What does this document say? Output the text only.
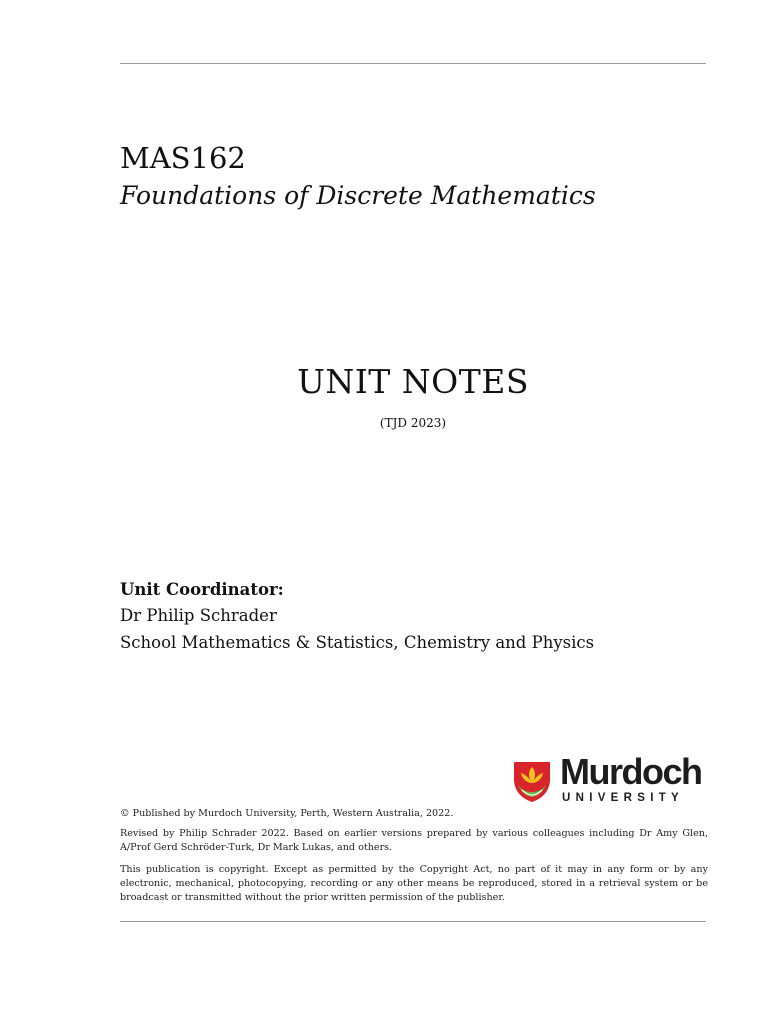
MAS162
Foundations of Discrete Mathematics
UNIT NOTES
(TJD 2023)
Unit Coordinator:
Dr Philip Schrader
School Mathematics & Statistics, Chemistry and Physics
Murdoch
UNIVERSITY
© Published by Murdoch University, Perth, Western Australia, 2022.
Revised by Philip Schrader 2022. Based on earlier versions prepared by various colleagues including Dr Amy Glen, A/Prof Gerd Schröder-Turk, Dr Mark Lukas, and others.
This publication is copyright. Except as permitted by the Copyright Act, no part of it may in any form or by any electronic, mechanical, photocopying, recording or any other means be reproduced, stored in a retrieval system or be broadcast or transmitted without the prior written permission of the publisher.
